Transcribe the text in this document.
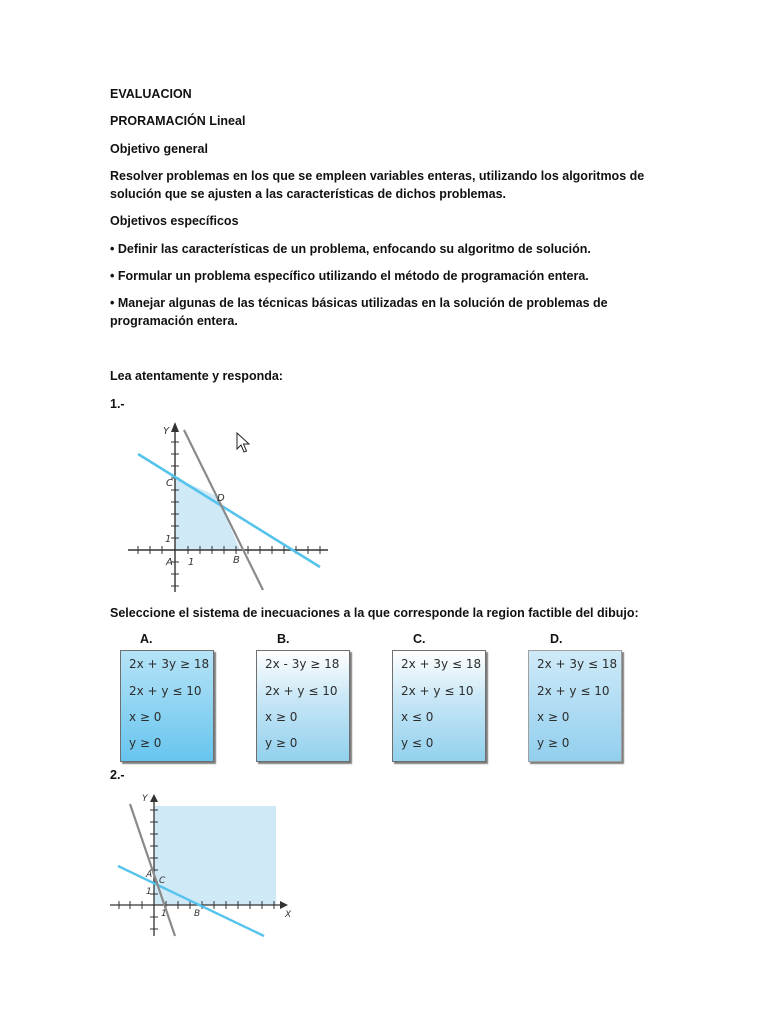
EVALUACION

PRORAMACIÓN Lineal

Objetivo general

Resolver problemas en los que se empleen variables enteras, utilizando los algoritmos de solución que se ajusten a las características de dichos problemas.

Objetivos específicos

• Definir las características de un problema, enfocando su algoritmo de solución.

• Formular un problema específico utilizando el método de programación entera.

• Manejar algunas de las técnicas básicas utilizadas en la solución de problemas de programación entera.

Lea atentamente y responda:

1.-

Y
1
1
A	B
C
D

Seleccione el sistema de inecuaciones a la que corresponde la region factible del dibujo:

A.	B.	C.	D.
2x + 3y ≥ 18
2x + y ≤ 10
x ≥ 0
y ≥ 0
2x - 3y ≥ 18
2x + y ≤ 10
x ≥ 0
y ≥ 0
2x + 3y ≤ 18
2x + y ≤ 10
x ≤ 0
y ≤ 0
2x + 3y ≤ 18
2x + y ≤ 10
x ≥ 0
y ≥ 0

2.-

X
Y
1
1
A
B
C
